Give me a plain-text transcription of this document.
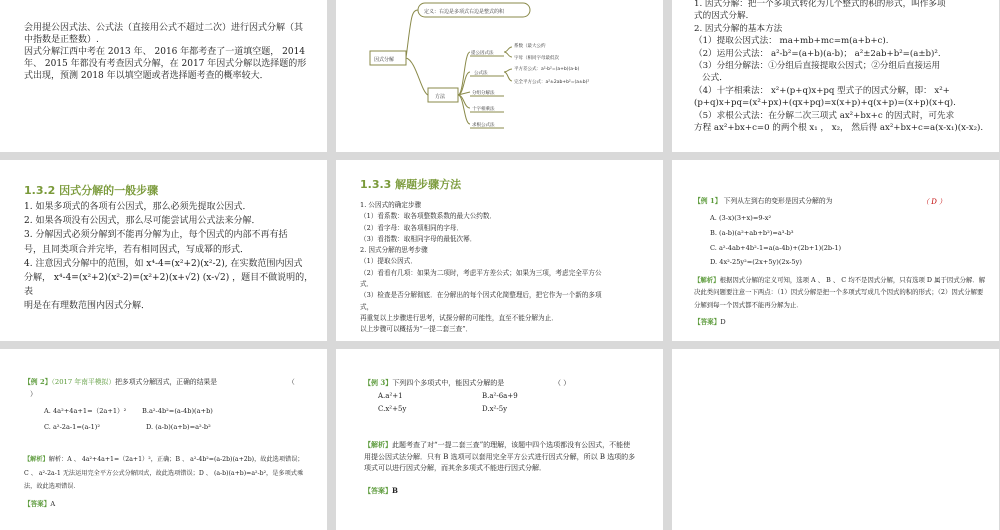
会用提公因式法、公式法（直接用公式不超过二次）进行因式分解（其中指数是正整数）.
因式分解江西中考在 2013 年、 2016 年都考查了一道填空题， 2014 年、 2015 年都没有考查因式分解，在 2017 年因式分解以选择题的形式出现，预测 2018 年以填空题或者选择题考查的概率较大．
定义：右边是多项式右边是整式的积
因式分解
方法
提公因式法
公式法
分组分解法
十字相乘法
求根公式法
系数（最大公约
字母（相同字母最低次
平方差公式：a²-b²=(a+b)(a-b)
完全平方公式：a²±2ab+b²=(a±b)²
1. 因式分解：把一个多项式转化为几个整式的积的形式，叫作多项
式的因式分解．
2. 因式分解的基本方法
（1）提取公因式法： ma+mb+mc=m(a+b+c).
（2）运用公式法： a²-b²=(a+b)(a-b)； a²±2ab+b²=(a±b)².
（3）分组分解法：①分组后直接提取公因式；②分组后直接运用
公式．
（4）十字相乘法： x²+(p+q)x+pq 型式子的因式分解，即： x²+
(p+q)x+pq=(x²+px)+(qx+pq)=x(x+p)+q(x+p)=(x+p)(x+q).
（5）求根公式法：在分解二次三项式 ax²+bx+c 的因式时，可先求
方程 ax²+bx+c=0 的两个根 x₁ ， x₂， 然后得 ax²+bx+c=a(x-x₁)(x-x₂).
1.3.2 因式分解的一般步骤
1. 如果多项式的各项有公因式，那么必须先提取公因式．
2. 如果各项没有公因式，那么尽可能尝试用公式法来分解．
3. 分解因式必须分解到不能再分解为止，每个因式的内部不再有括
号，且同类项合并完毕，若有相同因式，写成幂的形式．
4. 注意因式分解中的范围，如 x⁴-4=(x²+2)(x²-2), 在实数范围内因式
分解， x⁴-4=(x²+2)(x²-2)=(x²+2)(x+√2) (x-√2) ，题目不做说明的，表
明是在有理数范围内因式分解．
1.3.3 解题步骤方法
1. 公因式的确定步骤
（1）看系数：取各项整数系数的最大公约数．
（2）看字母：取各项相同的字母．
（3）看指数：取相同字母的最低次幂．
2. 因式分解的思考步骤
（1）提取公因式．
（2）看看有几项：如果为二项时，考虑平方差公式；如果为三项，考虑完全平方公
式．
（3）检查是否分解彻底．在分解出的每个因式化简整理后，把它作为一个新的多项
式，
再重复以上步骤进行思考，试探分解的可能性，直至不能分解为止．
以上步骤可以概括为“一提二套三查”．
【例 1】 下列从左到右的变形是因式分解的为	（ D ）
A. (3-x)(3+x)=9-x²
B. (a-b)(a²+ab+b²)=a³-b³
C. a²-4ab+4b²-1=a(a-4b)+(2b+1)(2b-1)
D. 4x²-25y²=(2x+5y)(2x-5y)
【解析】根据因式分解的定义可知，选项 A 、 B 、 C 均不是因式分解，只有选项 D 属于因式分解．解决此类问题要注意一下两点：（1）因式分解是把一个多项式写成几个因式的积的形式；（2）因式分解要分解到每一个因式都不能再分解为止．
【答案】D
【例 2】（2017 年南平模拟）把多项式分解因式，正确的结果是	（
）
A. 4a²+4a+1=（2a+1）² B.a²-4b²=(a-4b)(a+b)
C. a²-2a-1=(a-1)²	D. (a-b)(a+b)=a²-b²
【解析】解析：A 、 4a²+4a+1=（2a+1）²，正确；B 、 a²-4b²=(a-2b)(a+2b)，故此选项错误；C 、 a²-2a-1 无法运用完全平方公式分解因式，故此选项错误；D 、 (a-b)(a+b)=a²-b²，是多项式乘法，故此选项错误．
【答案】A
【例 3】下列四个多项式中，能因式分解的是	（ ）
A.a²+1	B.a²-6a+9
C.x²+5y	D.x²-5y
【解析】此题考查了对“一提二套三查”的理解，该题中四个选项都没有公因式，不能使用提公因式法分解．只有 B 选项可以套用完全平方公式进行因式分解，所以 B 选项的多项式可以进行因式分解，而其余多项式不能进行因式分解．
【答案】B
